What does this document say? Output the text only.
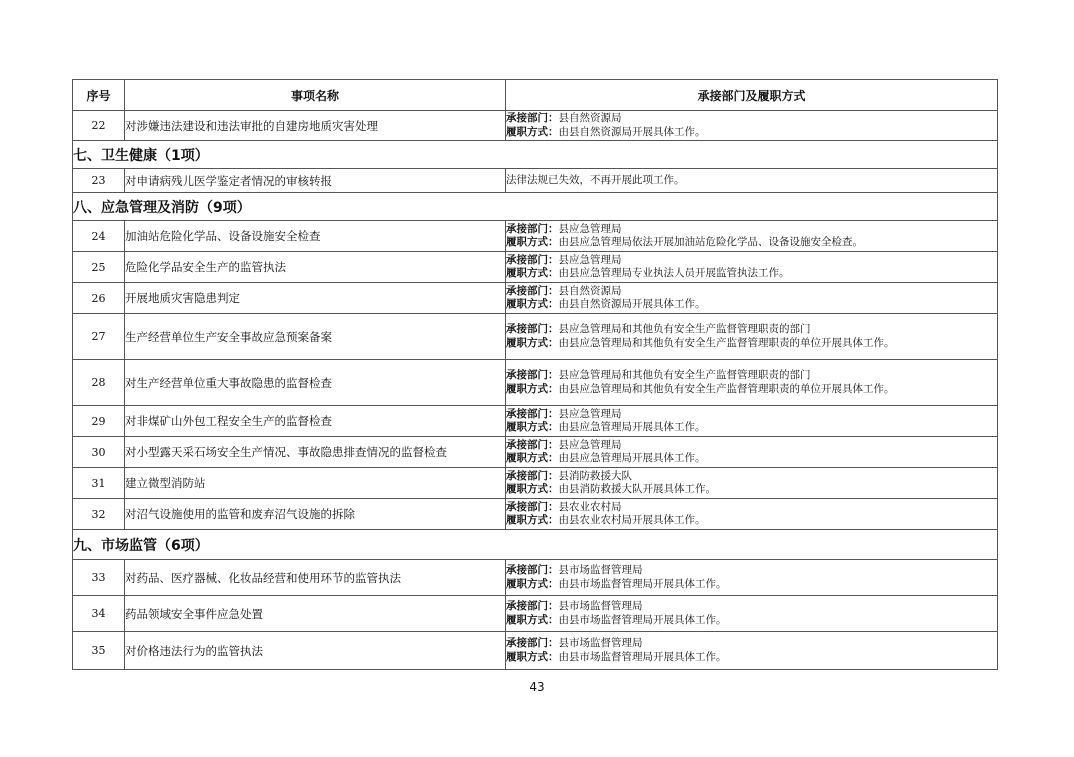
序号	事项名称	承接部门及履职方式
22	对涉嫌违法建设和违法审批的自建房地质灾害处理	承接部门：县自然资源局
履职方式：由县自然资源局开展具体工作。

七、卫生健康（1项）		
23	对申请病残儿医学鉴定者情况的审核转报	法律法规已失效，不再开展此项工作。
八、应急管理及消防（9项）		
24	加油站危险化学品、设备设施安全检查	承接部门：县应急管理局
履职方式：由县应急管理局依法开展加油站危险化学品、设备设施安全检查。

25	危险化学品安全生产的监管执法	承接部门：县应急管理局
履职方式：由县应急管理局专业执法人员开展监管执法工作。

26	开展地质灾害隐患判定	承接部门：县自然资源局
履职方式：由县自然资源局开展具体工作。

27	生产经营单位生产安全事故应急预案备案	承接部门：县应急管理局和其他负有安全生产监督管理职责的部门
履职方式：由县应急管理局和其他负有安全生产监督管理职责的单位开展具体工作。

28	对生产经营单位重大事故隐患的监督检查	承接部门：县应急管理局和其他负有安全生产监督管理职责的部门
履职方式：由县应急管理局和其他负有安全生产监督管理职责的单位开展具体工作。

29	对非煤矿山外包工程安全生产的监督检查	承接部门：县应急管理局
履职方式：由县应急管理局开展具体工作。

30	对小型露天采石场安全生产情况、事故隐患排查情况的监督检查	承接部门：县应急管理局
履职方式：由县应急管理局开展具体工作。

31	建立微型消防站	承接部门：县消防救援大队
履职方式：由县消防救援大队开展具体工作。

32	对沼气设施使用的监管和废弃沼气设施的拆除	承接部门：县农业农村局
履职方式：由县农业农村局开展具体工作。

九、市场监管（6项）		
33	对药品、医疗器械、化妆品经营和使用环节的监管执法	承接部门：县市场监督管理局
履职方式：由县市场监督管理局开展具体工作。

34	药品领域安全事件应急处置	承接部门：县市场监督管理局
履职方式：由县市场监督管理局开展具体工作。

35	对价格违法行为的监管执法	承接部门：县市场监督管理局
履职方式：由县市场监督管理局开展具体工作。
43
